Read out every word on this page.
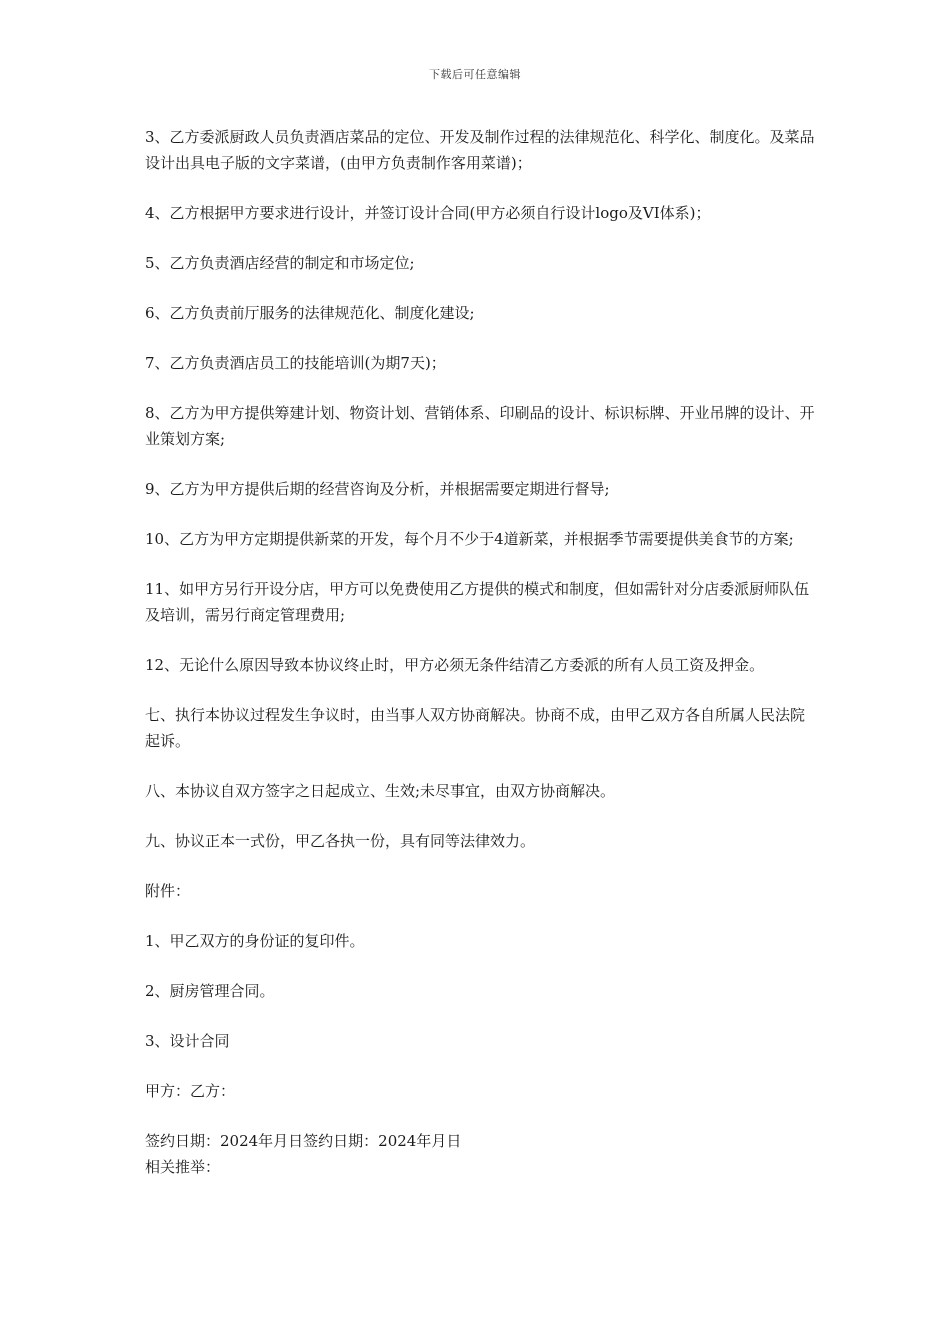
下载后可任意编辑

3、乙方委派厨政人员负责酒店菜品的定位、开发及制作过程的法律规范化、科学化、制度化。及菜品设计出具电子版的文字菜谱，(由甲方负责制作客用菜谱)；

4、乙方根据甲方要求进行设计，并签订设计合同(甲方必须自行设计logo及VI体系)；

5、乙方负责酒店经营的制定和市场定位;

6、乙方负责前厅服务的法律规范化、制度化建设;

7、乙方负责酒店员工的技能培训(为期7天)；

8、乙方为甲方提供筹建计划、物资计划、营销体系、印刷品的设计、标识标牌、开业吊牌的设计、开业策划方案;

9、乙方为甲方提供后期的经营咨询及分析，并根据需要定期进行督导;

10、乙方为甲方定期提供新菜的开发，每个月不少于4道新菜，并根据季节需要提供美食节的方案;

11、如甲方另行开设分店，甲方可以免费使用乙方提供的模式和制度，但如需针对分店委派厨师队伍及培训，需另行商定管理费用;

12、无论什么原因导致本协议终止时，甲方必须无条件结清乙方委派的所有人员工资及押金。

七、执行本协议过程发生争议时，由当事人双方协商解决。协商不成，由甲乙双方各自所属人民法院起诉。

八、本协议自双方签字之日起成立、生效;未尽事宜，由双方协商解决。

九、协议正本一式份，甲乙各执一份，具有同等法律效力。

附件：

1、甲乙双方的身份证的复印件。

2、厨房管理合同。

3、设计合同

甲方：乙方：

签约日期：2024年月日签约日期：2024年月日

相关推举：
